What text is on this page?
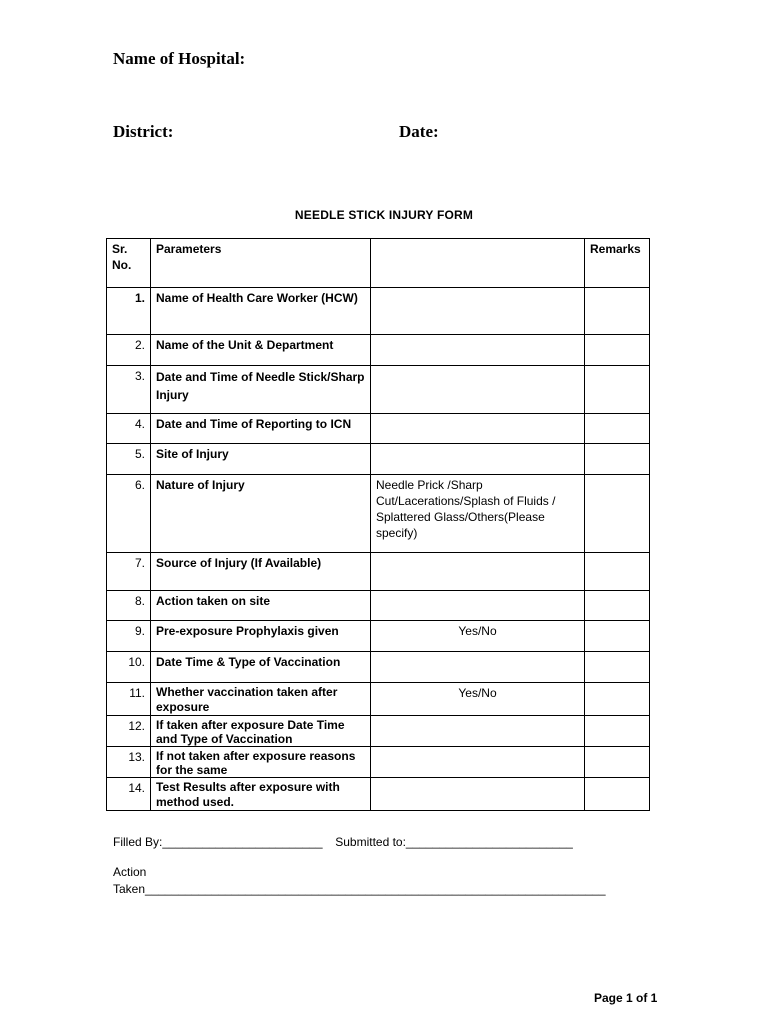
Name of Hospital:
District:	Date:
NEEDLE STICK INJURY FORM
Sr. No.	Parameters		Remarks
1.	Name of Health Care Worker (HCW)		
2.	Name of the Unit & Department		
3.	Date and Time of Needle Stick/Sharp Injury		
4.	Date and Time of Reporting to ICN		
5.	Site of Injury		
6.	Nature of Injury	Needle Prick /Sharp Cut/Lacerations/Splash of Fluids / Splattered Glass/Others(Please specify)	
7.	Source of Injury (If Available)		
8.	Action taken on site		
9.	Pre-exposure Prophylaxis given	Yes/No	
10.	Date Time & Type of Vaccination		
11.	Whether vaccination taken after exposure	Yes/No	
12.	If taken after exposure Date Time and Type of Vaccination		
13.	If not taken after exposure reasons for the same		
14.	Test Results after exposure with method used.		
Filled By:________________________ Submitted to:_________________________
Action
Taken_____________________________________________________________________
Page 1 of 1
